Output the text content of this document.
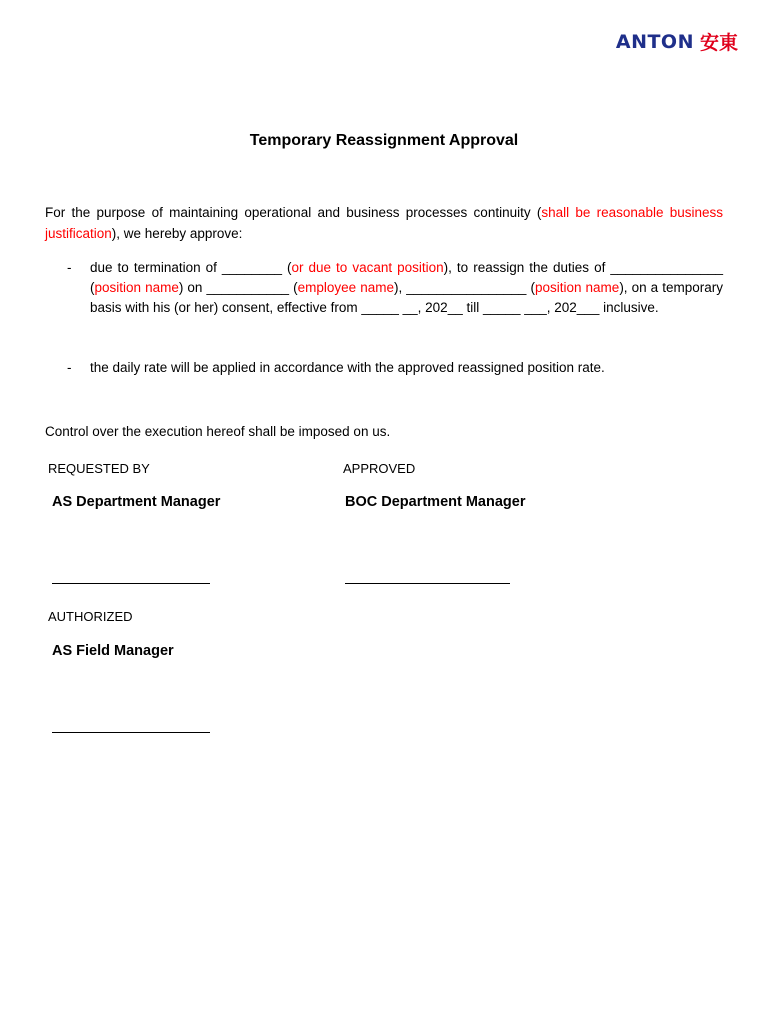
ANTON 安東
Temporary Reassignment Approval
For the purpose of maintaining operational and business processes continuity (shall be reasonable business justification), we hereby approve:
- due to termination of ________ (or due to vacant position), to reassign the duties of _______________ (position name) on ___________ (employee name), ________________ (position name), on a temporary basis with his (or her) consent, effective from _____ __, 202__ till _____ ___, 202___ inclusive.
- the daily rate will be applied in accordance with the approved reassigned position rate.
Control over the execution hereof shall be imposed on us.
REQUESTED BY
AS Department Manager
APPROVED
BOC Department Manager
AUTHORIZED
AS Field Manager
